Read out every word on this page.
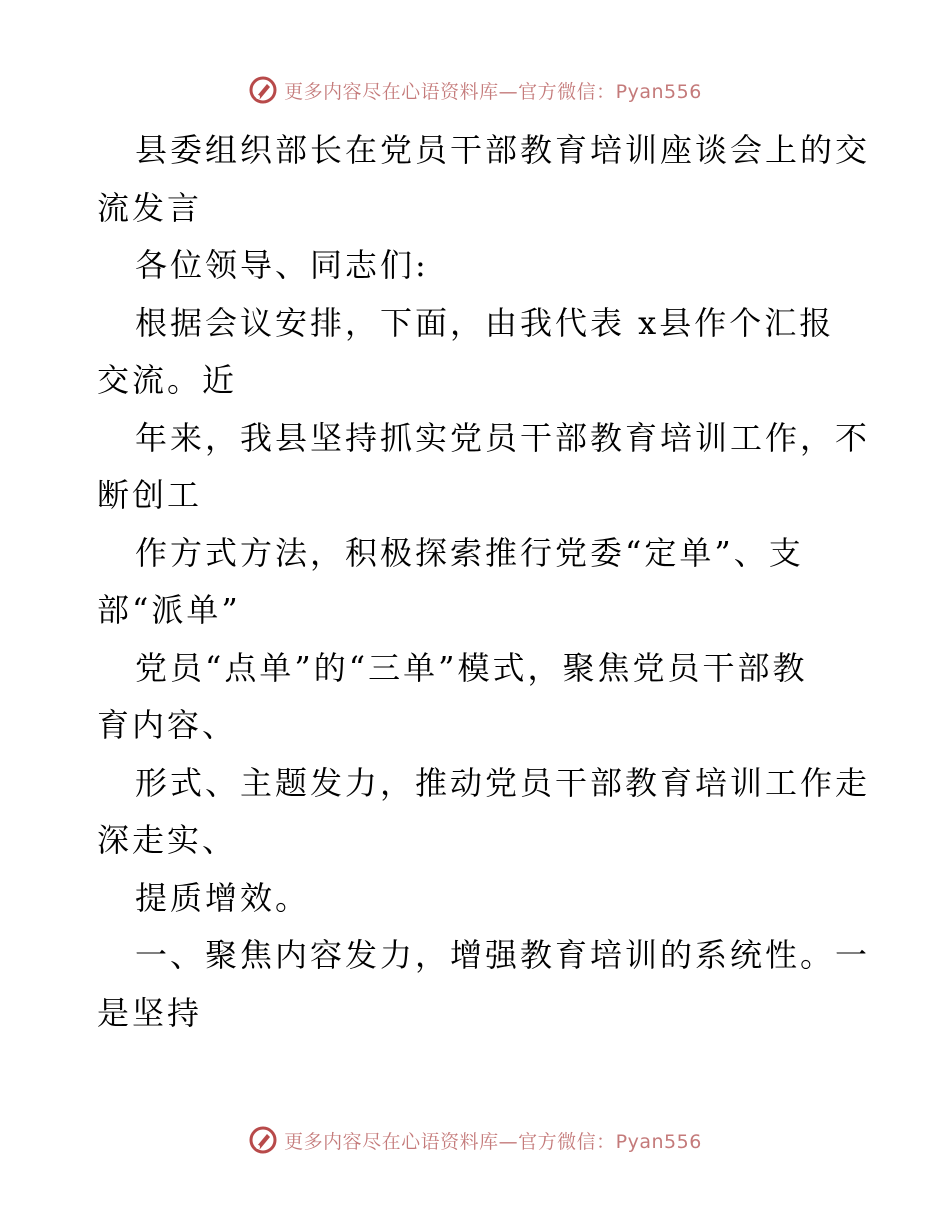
更多内容尽在心语资料库—官方微信：Pyan556
县委组织部长在党员干部教育培训座谈会上的交
流发言
各位领导、同志们:
根据会议安排，下面，由我代表 x县作个汇报
交流。近
年来，我县坚持抓实党员干部教育培训工作，不
断创工
作方式方法，积极探索推行党委“定单”、支
部“派单”
党员“点单”的“三单”模式，聚焦党员干部教
育内容、
形式、主题发力，推动党员干部教育培训工作走
深走实、
提质增效。
一、聚焦内容发力，增强教育培训的系统性。一
是坚持
更多内容尽在心语资料库—官方微信：Pyan556
